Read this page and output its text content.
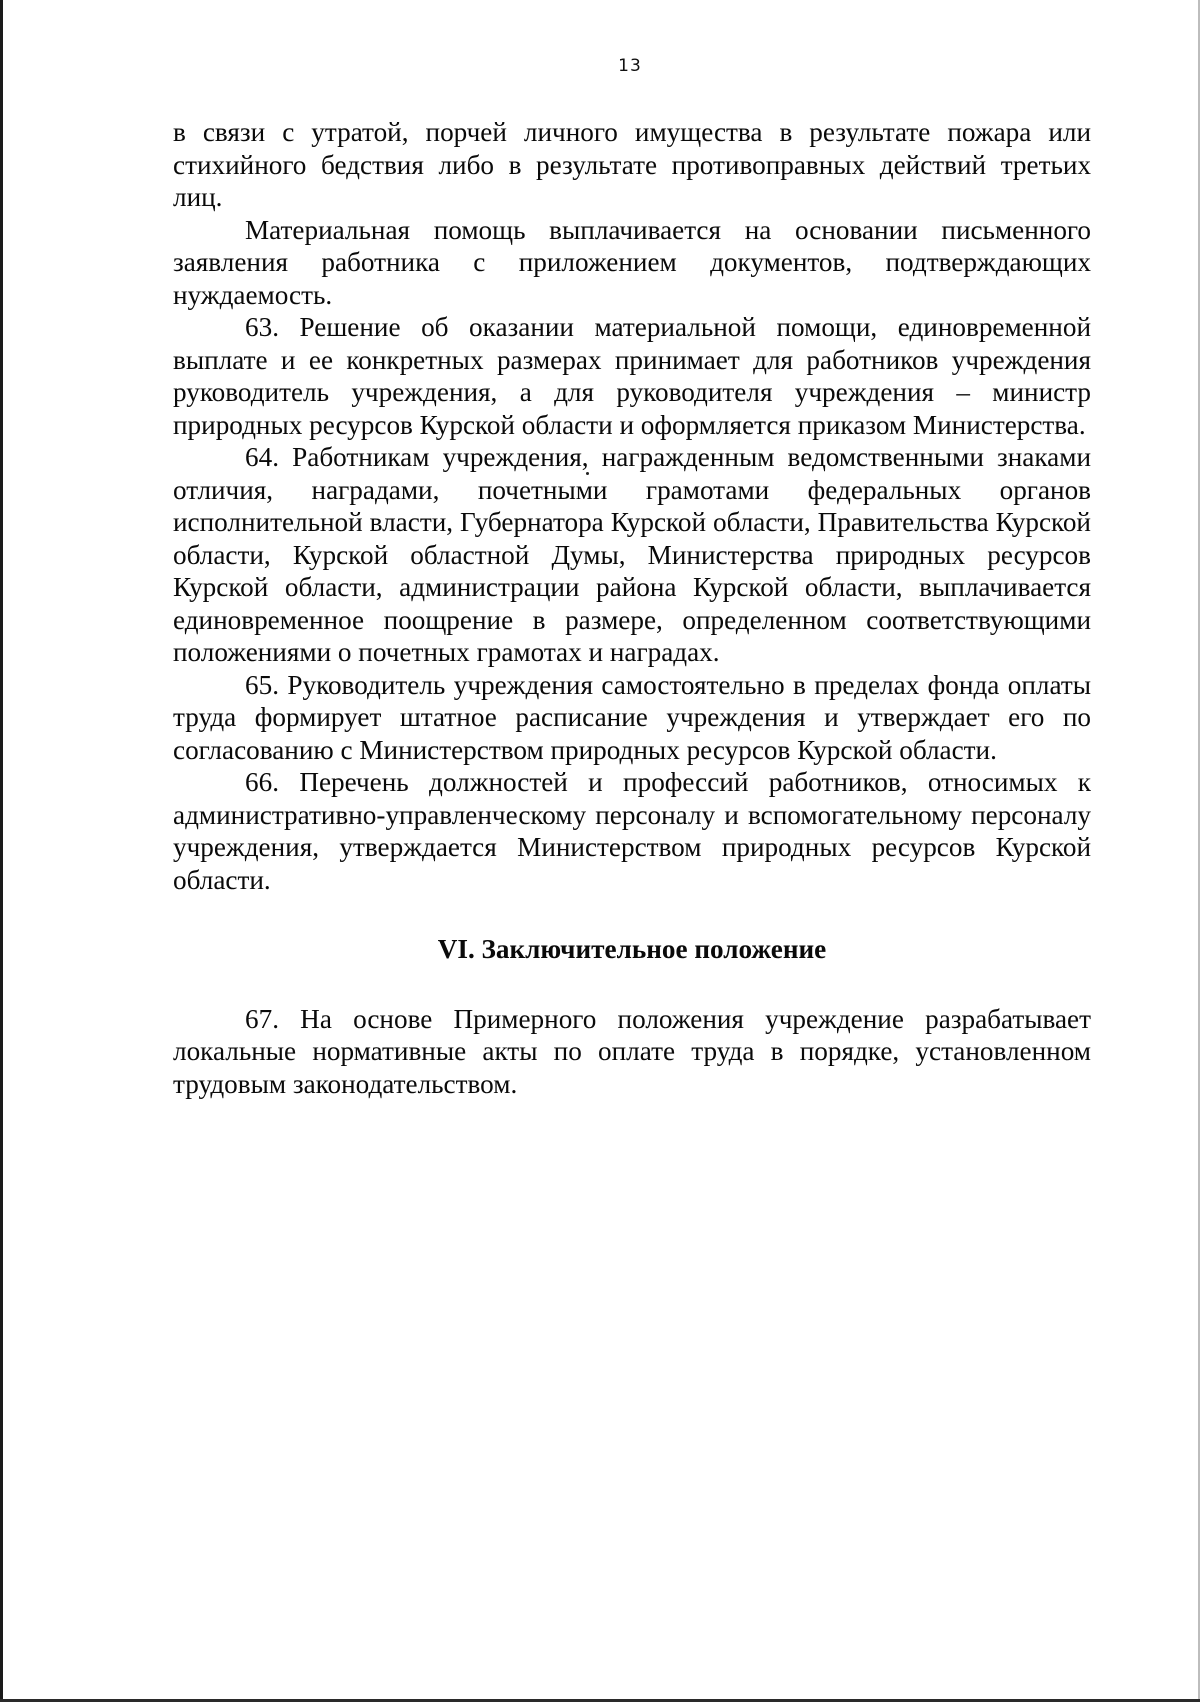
13

в связи с утратой, порчей личного имущества в результате пожара или стихийного бедствия либо в результате противоправных действий третьих лиц.

Материальная помощь выплачивается на основании письменного заявления работника с приложением документов, подтверждающих нуждаемость.

63. Решение об оказании материальной помощи, единовременной выплате и ее конкретных размерах принимает для работников учреждения руководитель учреждения, а для руководителя учреждения – министр природных ресурсов Курской области и оформляется приказом Министерства.

64. Работникам учреждения, награжденным ведомственными знаками отличия, наградами, почетными грамотами федеральных органов исполнительной власти, Губернатора Курской области, Правительства Курской области, Курской областной Думы, Министерства природных ресурсов Курской области, администрации района Курской области, выплачивается единовременное поощрение в размере, определенном соответствующими положениями о почетных грамотах и наградах.

65. Руководитель учреждения самостоятельно в пределах фонда оплаты труда формирует штатное расписание учреждения и утверждает его по согласованию с Министерством природных ресурсов Курской области.

66. Перечень должностей и профессий работников, относимых к административно-управленческому персоналу и вспомогательному персоналу учреждения, утверждается Министерством природных ресурсов Курской области.

VI. Заключительное положение

67. На основе Примерного положения учреждение разрабатывает локальные нормативные акты по оплате труда в порядке, установленном трудовым законодательством.
